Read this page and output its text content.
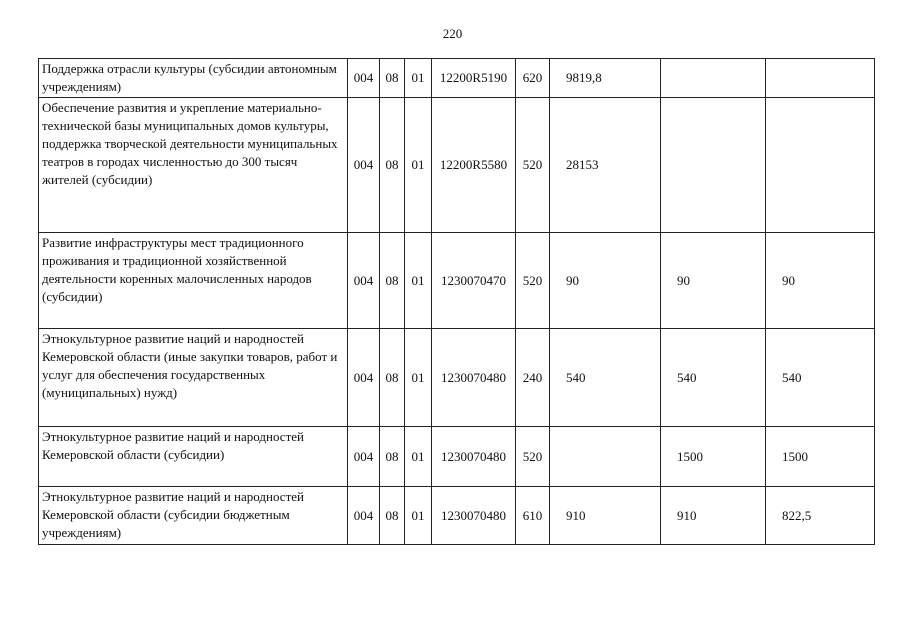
220
Поддержка отрасли культуры (субсидии автономным учреждениям)	004	08	01	12200R5190	620	9819,8		
Обеспечение развития и укрепление материально-технической базы муниципальных домов культуры, поддержка творческой деятельности муниципальных театров в городах численностью до 300 тысяч жителей (субсидии)	004	08	01	12200R5580	520	28153		
Развитие инфраструктуры мест традиционного проживания и традиционной хозяйственной деятельности коренных малочисленных народов (субсидии)	004	08	01	1230070470	520	90	90	90
Этнокультурное развитие наций и народностей Кемеровской области (иные закупки товаров, работ и услуг для обеспечения государственных (муниципальных) нужд)	004	08	01	1230070480	240	540	540	540
Этнокультурное развитие наций и народностей Кемеровской области (субсидии)	004	08	01	1230070480	520		1500	1500
Этнокультурное развитие наций и народностей Кемеровской области (субсидии бюджетным учреждениям)	004	08	01	1230070480	610	910	910	822,5
